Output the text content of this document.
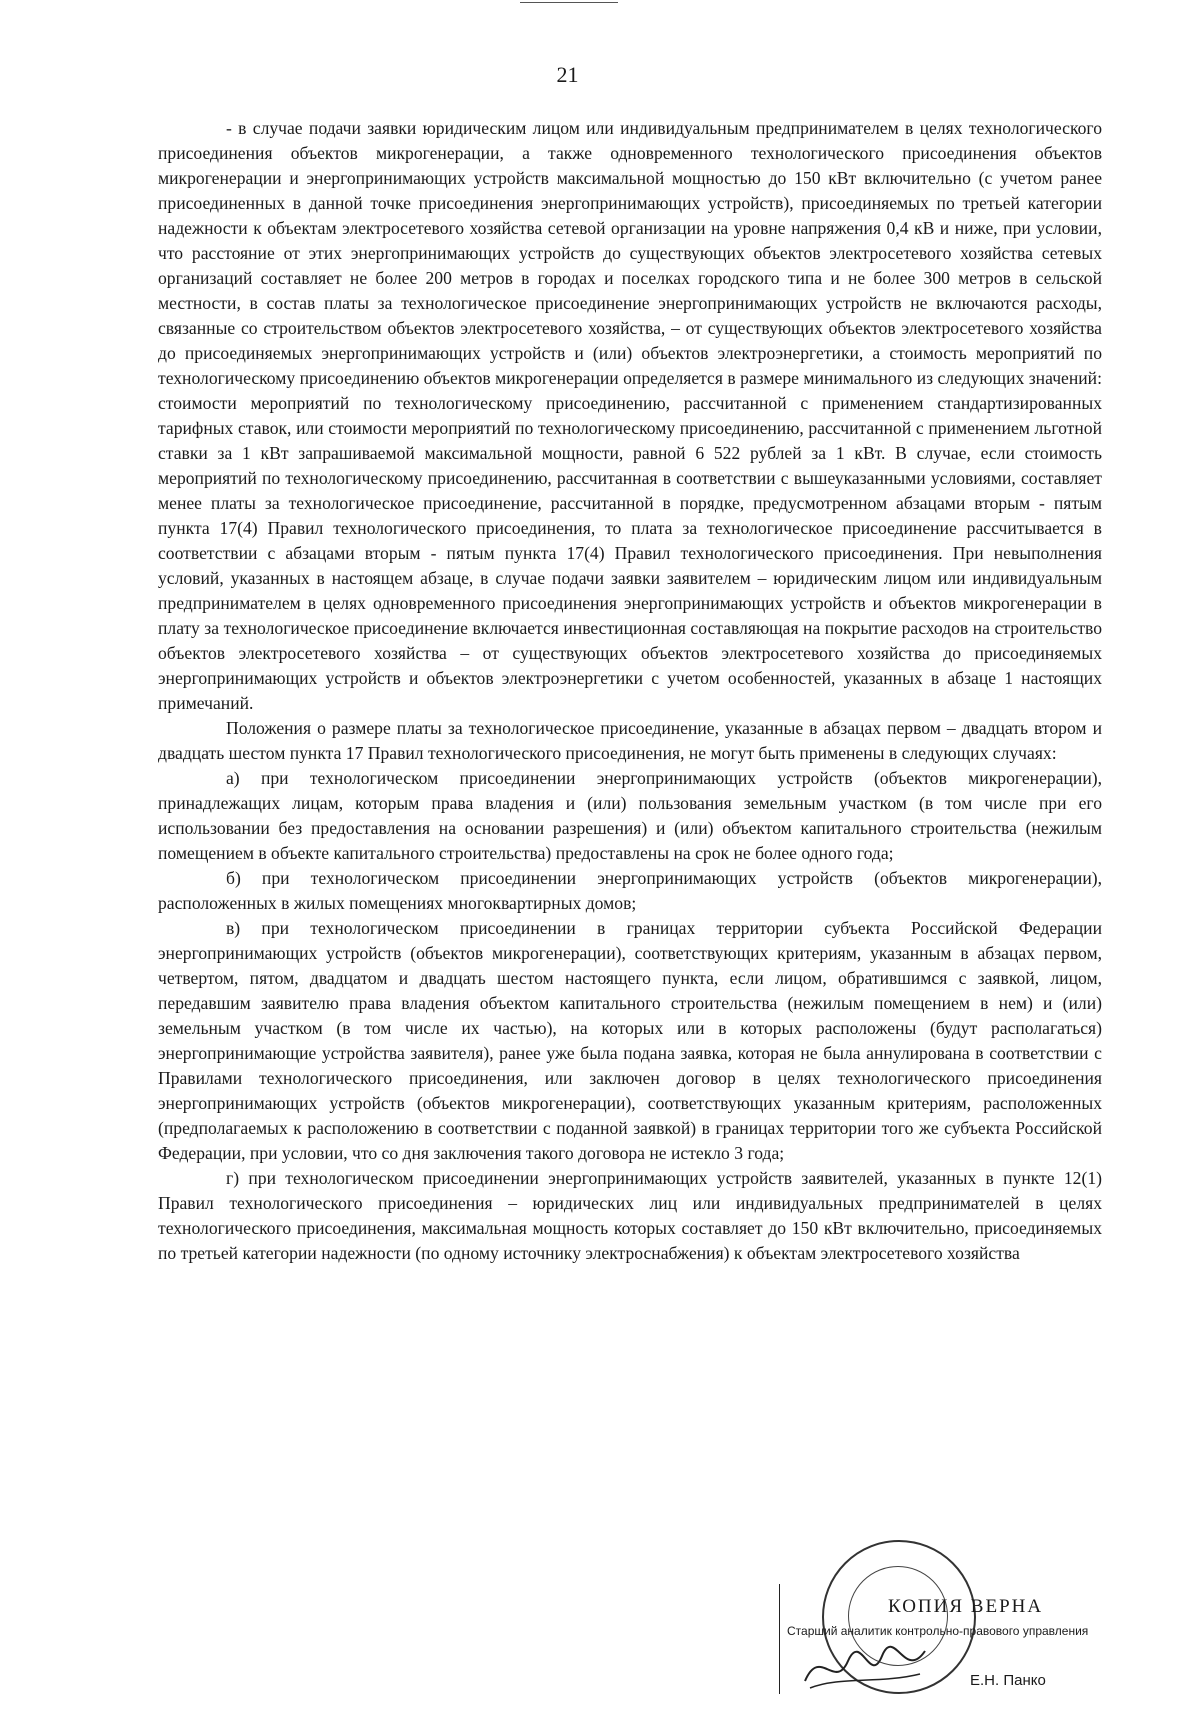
21

- в случае подачи заявки юридическим лицом или индивидуальным предпринимателем в целях технологического присоединения объектов микрогенерации, а также одновременного технологического присоединения объектов микрогенерации и энергопринимающих устройств максимальной мощностью до 150 кВт включительно (с учетом ранее присоединенных в данной точке присоединения энергопринимающих устройств), присоединяемых по третьей категории надежности к объектам электросетевого хозяйства сетевой организации на уровне напряжения 0,4 кВ и ниже, при условии, что расстояние от этих энергопринимающих устройств до существующих объектов электросетевого хозяйства сетевых организаций составляет не более 200 метров в городах и поселках городского типа и не более 300 метров в сельской местности, в состав платы за технологическое присоединение энергопринимающих устройств не включаются расходы, связанные со строительством объектов электросетевого хозяйства, – от существующих объектов электросетевого хозяйства до присоединяемых энергопринимающих устройств и (или) объектов электроэнергетики, а стоимость мероприятий по технологическому присоединению объектов микрогенерации определяется в размере минимального из следующих значений: стоимости мероприятий по технологическому присоединению, рассчитанной с применением стандартизированных тарифных ставок, или стоимости мероприятий по технологическому присоединению, рассчитанной с применением льготной ставки за 1 кВт запрашиваемой максимальной мощности, равной 6 522 рублей за 1 кВт. В случае, если стоимость мероприятий по технологическому присоединению, рассчитанная в соответствии с вышеуказанными условиями, составляет менее платы за технологическое присоединение, рассчитанной в порядке, предусмотренном абзацами вторым - пятым пункта 17(4) Правил технологического присоединения, то плата за технологическое присоединение рассчитывается в соответствии с абзацами вторым - пятым пункта 17(4) Правил технологического присоединения. При невыполнения условий, указанных в настоящем абзаце, в случае подачи заявки заявителем – юридическим лицом или индивидуальным предпринимателем в целях одновременного присоединения энергопринимающих устройств и объектов микрогенерации в плату за технологическое присоединение включается инвестиционная составляющая на покрытие расходов на строительство объектов электросетевого хозяйства – от существующих объектов электросетевого хозяйства до присоединяемых энергопринимающих устройств и объектов электроэнергетики с учетом особенностей, указанных в абзаце 1 настоящих примечаний.

Положения о размере платы за технологическое присоединение, указанные в абзацах первом – двадцать втором и двадцать шестом пункта 17 Правил технологического присоединения, не могут быть применены в следующих случаях:

а) при технологическом присоединении энергопринимающих устройств (объектов микрогенерации), принадлежащих лицам, которым права владения и (или) пользования земельным участком (в том числе при его использовании без предоставления на основании разрешения) и (или) объектом капитального строительства (нежилым помещением в объекте капитального строительства) предоставлены на срок не более одного года;

б) при технологическом присоединении энергопринимающих устройств (объектов микрогенерации), расположенных в жилых помещениях многоквартирных домов;

в) при технологическом присоединении в границах территории субъекта Российской Федерации энергопринимающих устройств (объектов микрогенерации), соответствующих критериям, указанным в абзацах первом, четвертом, пятом, двадцатом и двадцать шестом настоящего пункта, если лицом, обратившимся с заявкой, лицом, передавшим заявителю права владения объектом капитального строительства (нежилым помещением в нем) и (или) земельным участком (в том числе их частью), на которых или в которых расположены (будут располагаться) энергопринимающие устройства заявителя), ранее уже была подана заявка, которая не была аннулирована в соответствии с Правилами технологического присоединения, или заключен договор в целях технологического присоединения энергопринимающих устройств (объектов микрогенерации), соответствующих указанным критериям, расположенных (предполагаемых к расположению в соответствии с поданной заявкой) в границах территории того же субъекта Российской Федерации, при условии, что со дня заключения такого договора не истекло 3 года;

г) при технологическом присоединении энергопринимающих устройств заявителей, указанных в пункте 12(1) Правил технологического присоединения – юридических лиц или индивидуальных предпринимателей в целях технологического присоединения, максимальная мощность которых составляет до 150 кВт включительно, присоединяемых по третьей категории надежности (по одному источнику электроснабжения) к объектам электросетевого хозяйства

КОПИЯ ВЕРНА
Старший аналитик контрольно-правового управления
Е.Н. Панко
